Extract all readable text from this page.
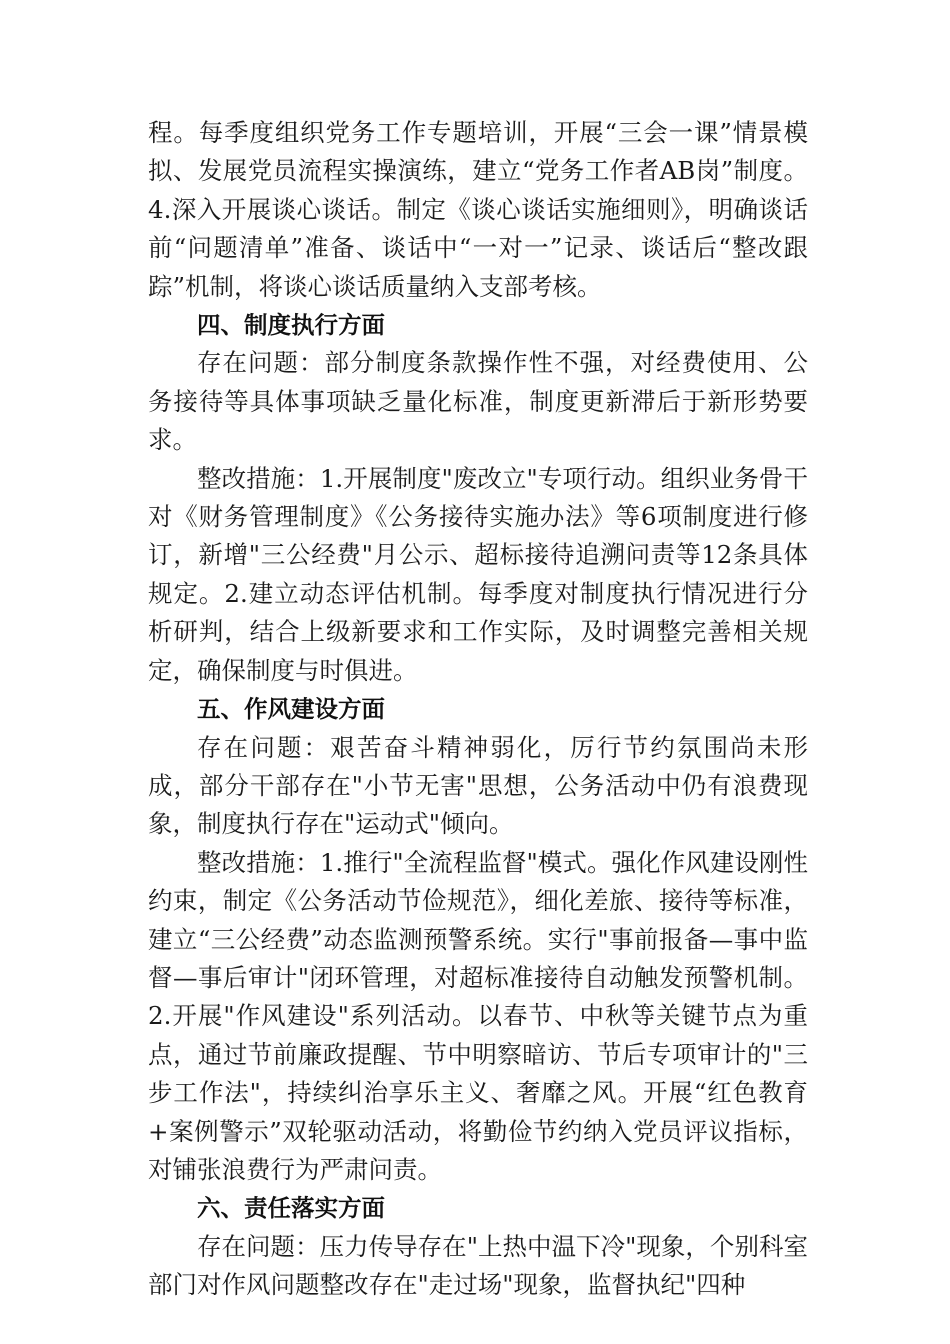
程。每季度组织党务工作专题培训，开展“三会一课”情景模拟、发展党员流程实操演练，建立“党务工作者AB岗”制度。4.深入开展谈心谈话。制定《谈心谈话实施细则》，明确谈话前“问题清单”准备、谈话中“一对一”记录、谈话后“整改跟踪”机制，将谈心谈话质量纳入支部考核。

四、制度执行方面

存在问题：部分制度条款操作性不强，对经费使用、公务接待等具体事项缺乏量化标准，制度更新滞后于新形势要求。

整改措施：1.开展制度"废改立"专项行动。组织业务骨干对《财务管理制度》《公务接待实施办法》等6项制度进行修订，新增"三公经费"月公示、超标接待追溯问责等12条具体规定。2.建立动态评估机制。每季度对制度执行情况进行分析研判，结合上级新要求和工作实际，及时调整完善相关规定，确保制度与时俱进。

五、作风建设方面

存在问题：艰苦奋斗精神弱化，厉行节约氛围尚未形成，部分干部存在"小节无害"思想，公务活动中仍有浪费现象，制度执行存在"运动式"倾向。

整改措施：1.推行"全流程监督"模式。强化作风建设刚性约束，制定《公务活动节俭规范》，细化差旅、接待等标准，建立“三公经费”动态监测预警系统。实行"事前报备—事中监督—事后审计"闭环管理，对超标准接待自动触发预警机制。2.开展"作风建设"系列活动。以春节、中秋等关键节点为重点，通过节前廉政提醒、节中明察暗访、节后专项审计的"三步工作法"，持续纠治享乐主义、奢靡之风。开展“红色教育+案例警示”双轮驱动活动，将勤俭节约纳入党员评议指标，对铺张浪费行为严肃问责。

六、责任落实方面

存在问题：压力传导存在"上热中温下冷"现象，个别科室部门对作风问题整改存在"走过场"现象，监督执纪"四种
